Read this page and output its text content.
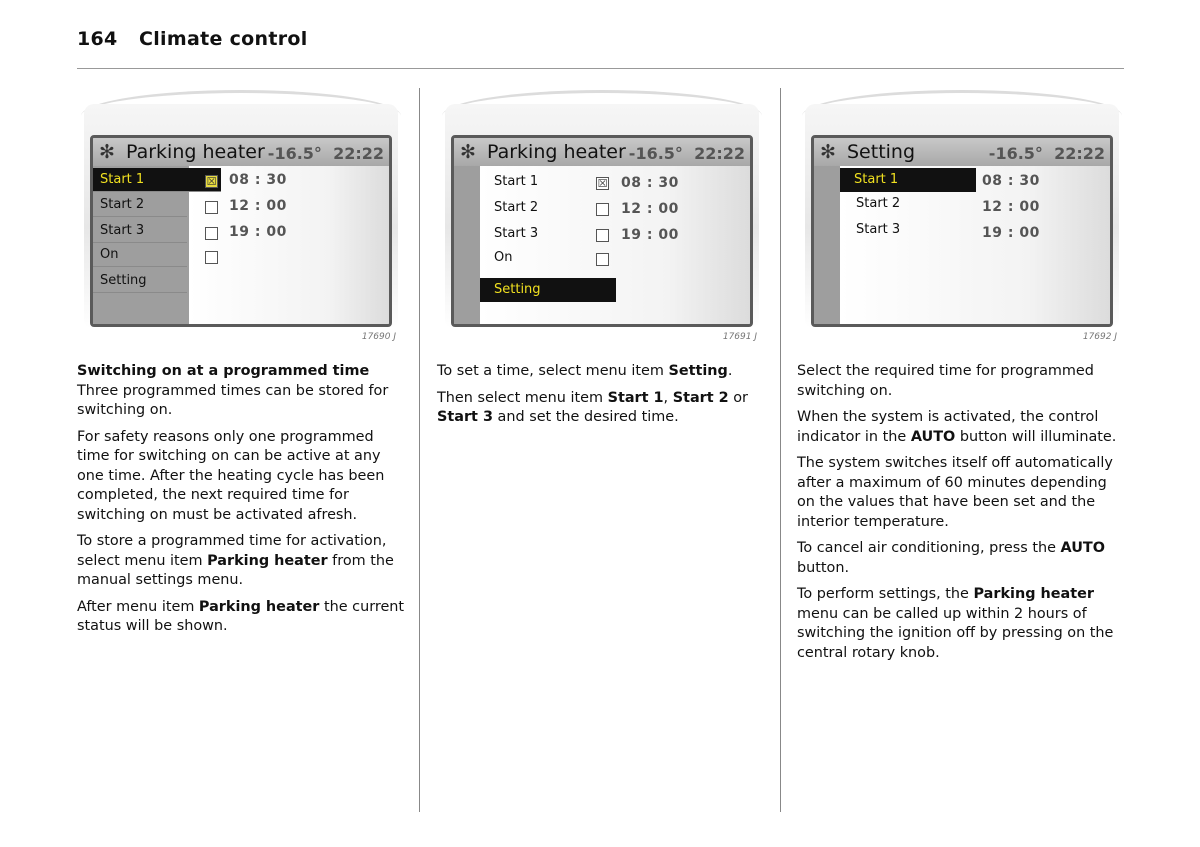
164 Climate control
✻ Parking heater -16.5° 22:22
Start 1
Start 2
Start 3
On
Setting
☒ 08 : 30
12 : 00
19 : 00
17690 J
✻ Parking heater -16.5° 22:22
Start 1
Start 2
Start 3
On
Setting
☒ 08 : 30
12 : 00
19 : 00
17691 J
✻ Setting	-16.5° 22:22
Start 1
Start 2
Start 3
08 : 30
12 : 00
19 : 00
17692 J

Switching on at a programmed time
Three programmed times can be stored for switching on.

For safety reasons only one programmed time for switching on can be active at any one time. After the heating cycle has been completed, the next required time for switching on must be activated afresh.

To store a programmed time for activation, select menu item Parking heater from the manual settings menu.

After menu item Parking heater the current status will be shown.

To set a time, select menu item Setting.

Then select menu item Start 1, Start 2 or Start 3 and set the desired time.

Select the required time for programmed switching on.

When the system is activated, the control indicator in the AUTO button will illuminate.

The system switches itself off automatically after a maximum of 60 minutes depending on the values that have been set and the interior temperature.

To cancel air conditioning, press the AUTO button.

To perform settings, the Parking heater menu can be called up within 2 hours of switching the ignition off by pressing on the central rotary knob.
